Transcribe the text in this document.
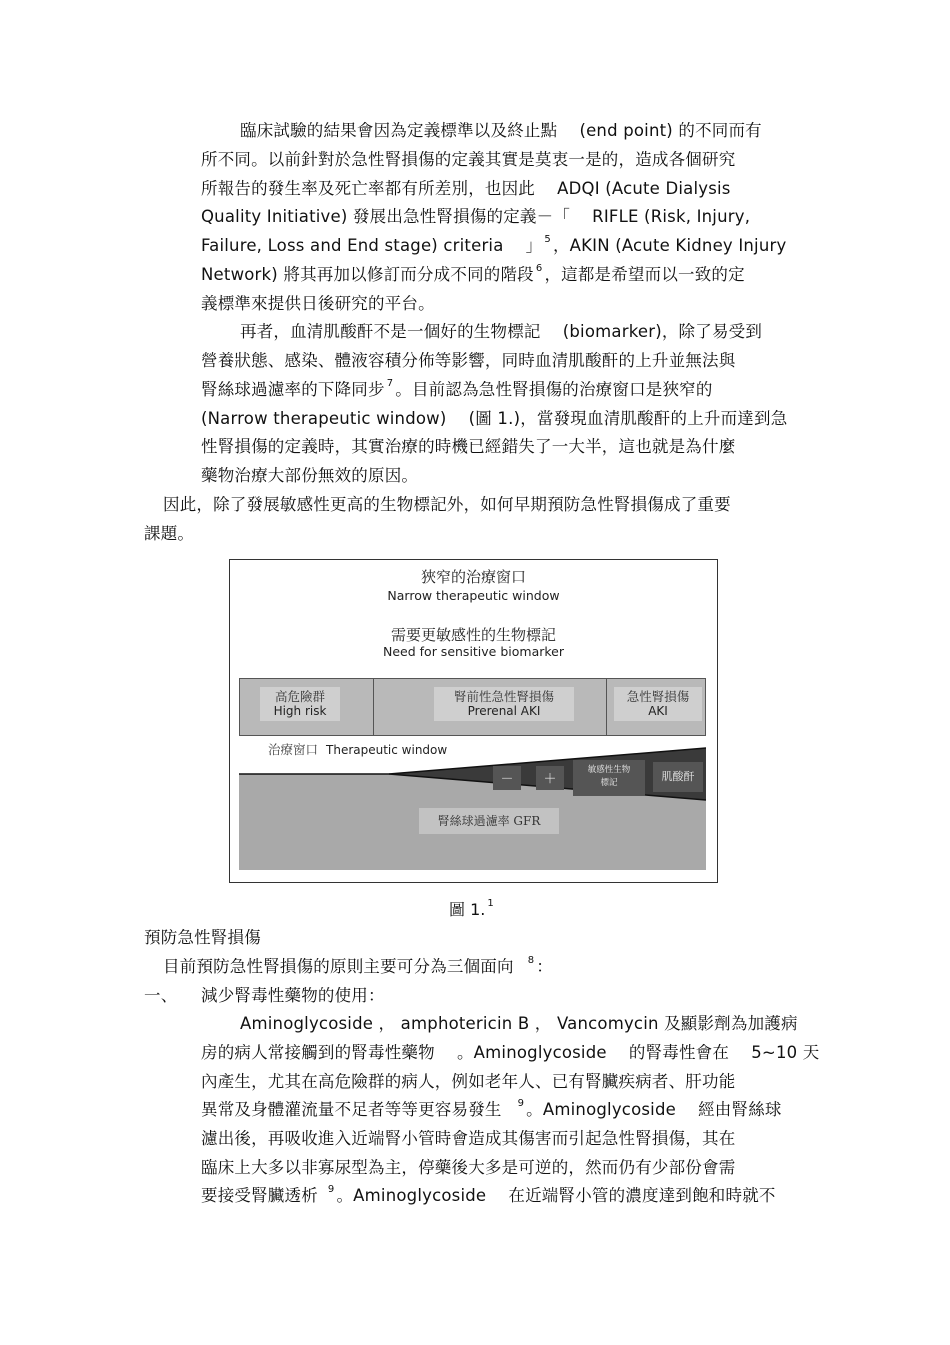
臨床試驗的結果會因為定義標準以及終止點 　(end point) 的不同而有
所不同。以前針對於急性腎損傷的定義其實是莫衷一是的，造成各個研究
所報告的發生率及死亡率都有所差別，也因此 　ADQI (Acute Dialysis
Quality Initiative) 發展出急性腎損傷的定義－「 　RIFLE (Risk, Injury,
Failure, Loss and End stage) criteria 　」 $^5$ ，AKIN (Acute Kidney Injury
Network) 將其再加以修訂而分成不同的階段 $^6$ ，這都是希望而以一致的定
義標準來提供日後研究的平台。
再者，血清肌酸酐不是一個好的生物標記 　(biomarker)，除了易受到
營養狀態、感染、體液容積分佈等影響，同時血清肌酸酐的上升並無法與
腎絲球過濾率的下降同步 $^7$ 。目前認為急性腎損傷的治療窗口是狹窄的
(Narrow therapeutic window) 　(圖 1.)，當發現血清肌酸酐的上升而達到急
性腎損傷的定義時，其實治療的時機已經錯失了一大半，這也就是為什麼
藥物治療大部份無效的原因。
因此，除了發展敏感性更高的生物標記外，如何早期預防急性腎損傷成了重要
課題。
狹窄的治療窗口
Narrow therapeutic window
需要更敏感性的生物標記
Need for sensitive biomarker
高危險群
High risk
腎前性急性腎損傷
Prerenal AKI
急性腎損傷
AKI
治療窗口 Therapeutic window
－	＋
敏感性生物
標記	肌酸酐
腎絲球過濾率 GFR
圖 1. $^1$
預防急性腎損傷
目前預防急性腎損傷的原則主要可分為三個面向 $^8$ ：
一、 減少腎毒性藥物的使用：
Aminoglycoside ， amphotericin B ， Vancomycin 及顯影劑為加護病
房的病人常接觸到的腎毒性藥物 　。Aminoglycoside 　的腎毒性會在 　5~10 天
內產生，尤其在高危險群的病人，例如老年人、已有腎臟疾病者、肝功能
異常及身體灌流量不足者等等更容易發生 $^9$ 。Aminoglycoside 　經由腎絲球
濾出後，再吸收進入近端腎小管時會造成其傷害而引起急性腎損傷，其在
臨床上大多以非寡尿型為主，停藥後大多是可逆的，然而仍有少部份會需
要接受腎臟透析 $^9$ 。Aminoglycoside 　在近端腎小管的濃度達到飽和時就不
